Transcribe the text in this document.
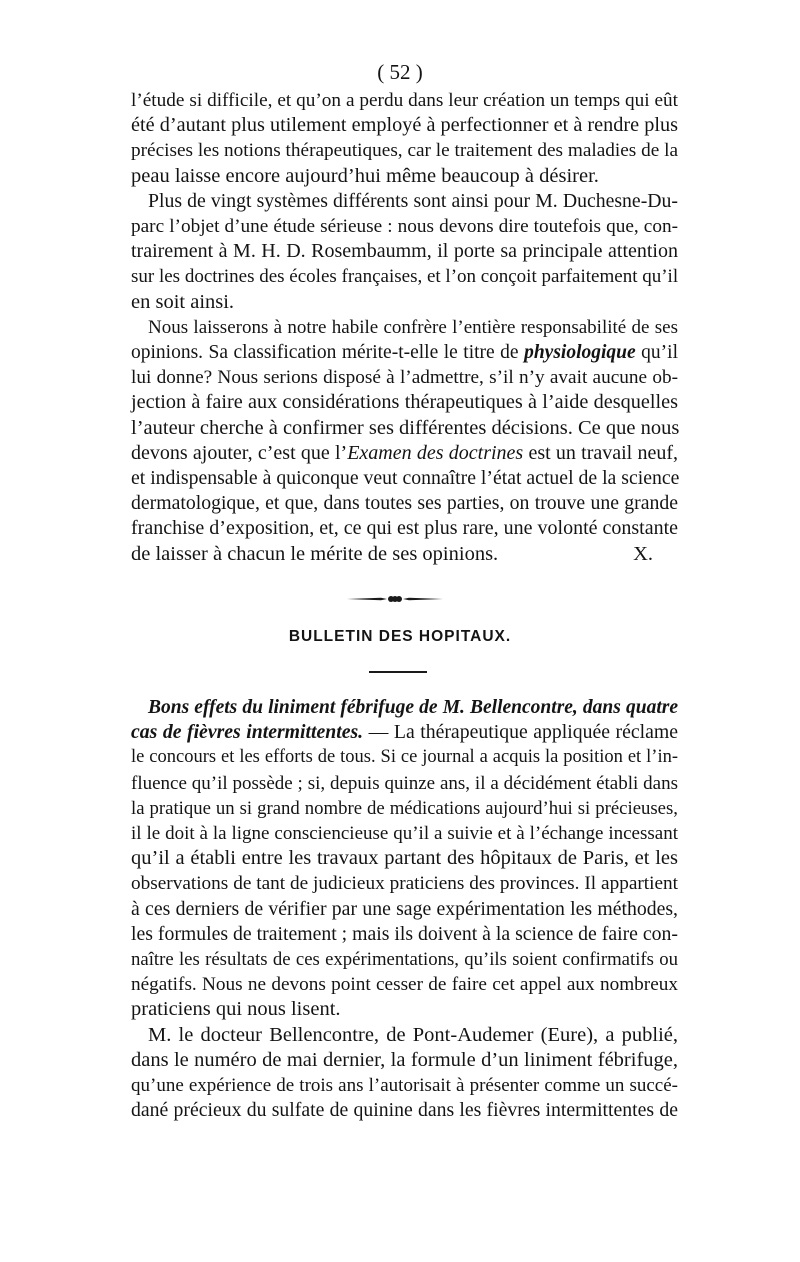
( 52 )
l’étude si difficile, et qu’on a perdu dans leur création un temps qui eût
été d’autant plus utilement employé à perfectionner et à rendre plus
précises les notions thérapeutiques, car le traitement des maladies de la
peau laisse encore aujourd’hui même beaucoup à désirer.
Plus de vingt systèmes différents sont ainsi pour M. Duchesne-Du-
parc l’objet d’une étude sérieuse : nous devons dire toutefois que, con-
trairement à M. H. D. Rosembaumm, il porte sa principale attention
sur les doctrines des écoles françaises, et l’on conçoit parfaitement qu’il
en soit ainsi.
Nous laisserons à notre habile confrère l’entière responsabilité de ses
opinions. Sa classification mérite-t-elle le titre de physiologique qu’il
lui donne? Nous serions disposé à l’admettre, s’il n’y avait aucune ob-
jection à faire aux considérations thérapeutiques à l’aide desquelles
l’auteur cherche à confirmer ses différentes décisions. Ce que nous
devons ajouter, c’est que l’Examen des doctrines est un travail neuf,
et indispensable à quiconque veut connaître l’état actuel de la science
dermatologique, et que, dans toutes ses parties, on trouve une grande
franchise d’exposition, et, ce qui est plus rare, une volonté constante
de laisser à chacun le mérite de ses opinions.	X.
BULLETIN DES HOPITAUX.
Bons effets du liniment fébrifuge de M. Bellencontre, dans quatre
cas de fièvres intermittentes. — La thérapeutique appliquée réclame
le concours et les efforts de tous. Si ce journal a acquis la position et l’in-
fluence qu’il possède ; si, depuis quinze ans, il a décidément établi dans
la pratique un si grand nombre de médications aujourd’hui si précieuses,
il le doit à la ligne consciencieuse qu’il a suivie et à l’échange incessant
qu’il a établi entre les travaux partant des hôpitaux de Paris, et les
observations de tant de judicieux praticiens des provinces. Il appartient
à ces derniers de vérifier par une sage expérimentation les méthodes,
les formules de traitement ; mais ils doivent à la science de faire con-
naître les résultats de ces expérimentations, qu’ils soient confirmatifs ou
négatifs. Nous ne devons point cesser de faire cet appel aux nombreux
praticiens qui nous lisent.
M. le docteur Bellencontre, de Pont-Audemer (Eure), a publié,
dans le numéro de mai dernier, la formule d’un liniment fébrifuge,
qu’une expérience de trois ans l’autorisait à présenter comme un succé-
dané précieux du sulfate de quinine dans les fièvres intermittentes de
